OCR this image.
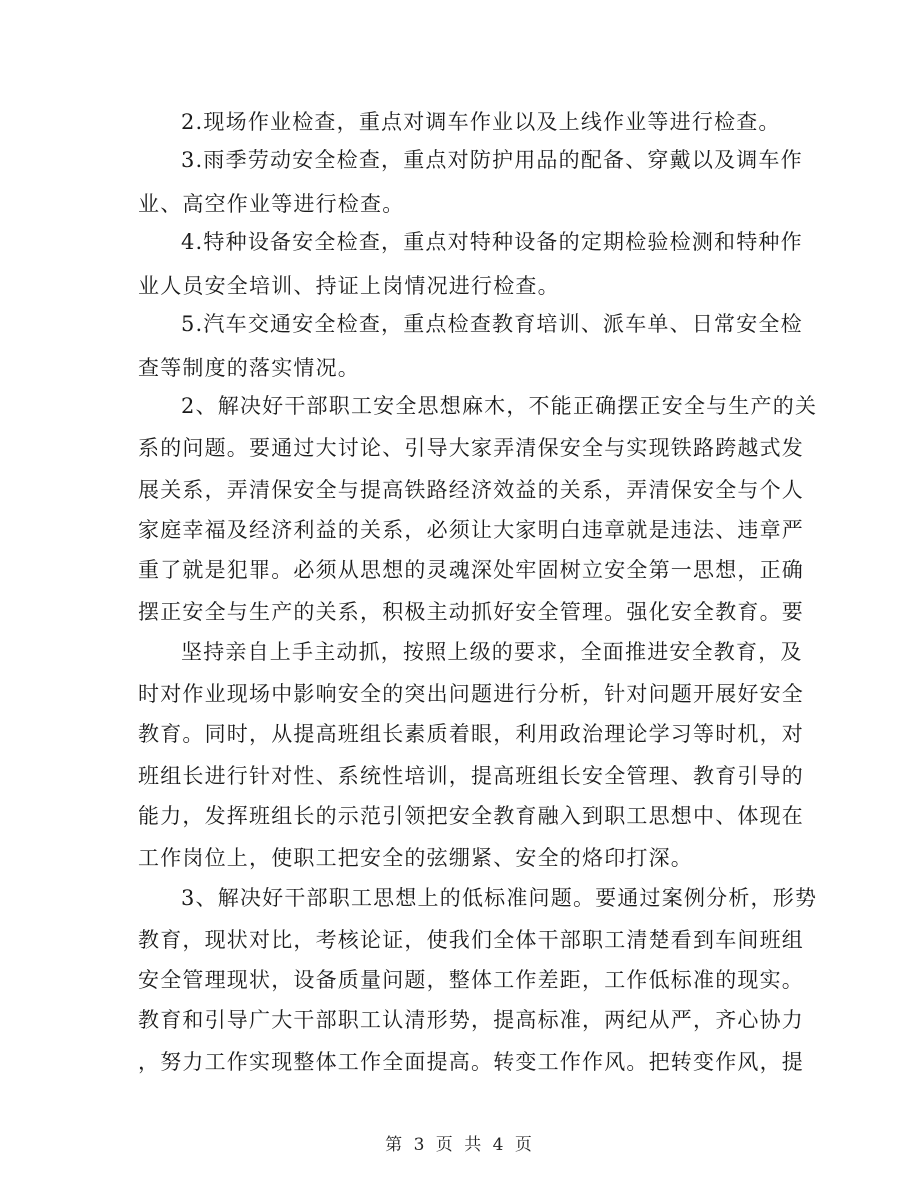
2.现场作业检查，重点对调车作业以及上线作业等进行检查。
3.雨季劳动安全检查，重点对防护用品的配备、穿戴以及调车作
业、高空作业等进行检查。
4.特种设备安全检查，重点对特种设备的定期检验检测和特种作
业人员安全培训、持证上岗情况进行检查。
5.汽车交通安全检查，重点检查教育培训、派车单、日常安全检
查等制度的落实情况。
2、解决好干部职工安全思想麻木，不能正确摆正安全与生产的关
系的问题。要通过大讨论、引导大家弄清保安全与实现铁路跨越式发
展关系，弄清保安全与提高铁路经济效益的关系，弄清保安全与个人
家庭幸福及经济利益的关系，必须让大家明白违章就是违法、违章严
重了就是犯罪。必须从思想的灵魂深处牢固树立安全第一思想，正确
摆正安全与生产的关系，积极主动抓好安全管理。强化安全教育。要
坚持亲自上手主动抓，按照上级的要求，全面推进安全教育，及
时对作业现场中影响安全的突出问题进行分析，针对问题开展好安全
教育。同时，从提高班组长素质着眼，利用政治理论学习等时机，对
班组长进行针对性、系统性培训，提高班组长安全管理、教育引导的
能力，发挥班组长的示范引领把安全教育融入到职工思想中、体现在
工作岗位上，使职工把安全的弦绷紧、安全的烙印打深。
3、解决好干部职工思想上的低标准问题。要通过案例分析，形势
教育，现状对比，考核论证，使我们全体干部职工清楚看到车间班组
安全管理现状，设备质量问题，整体工作差距，工作低标准的现实。
教育和引导广大干部职工认清形势，提高标准，两纪从严，齐心协力
，努力工作实现整体工作全面提高。转变工作作风。把转变作风，提
第 3 页 共 4 页
